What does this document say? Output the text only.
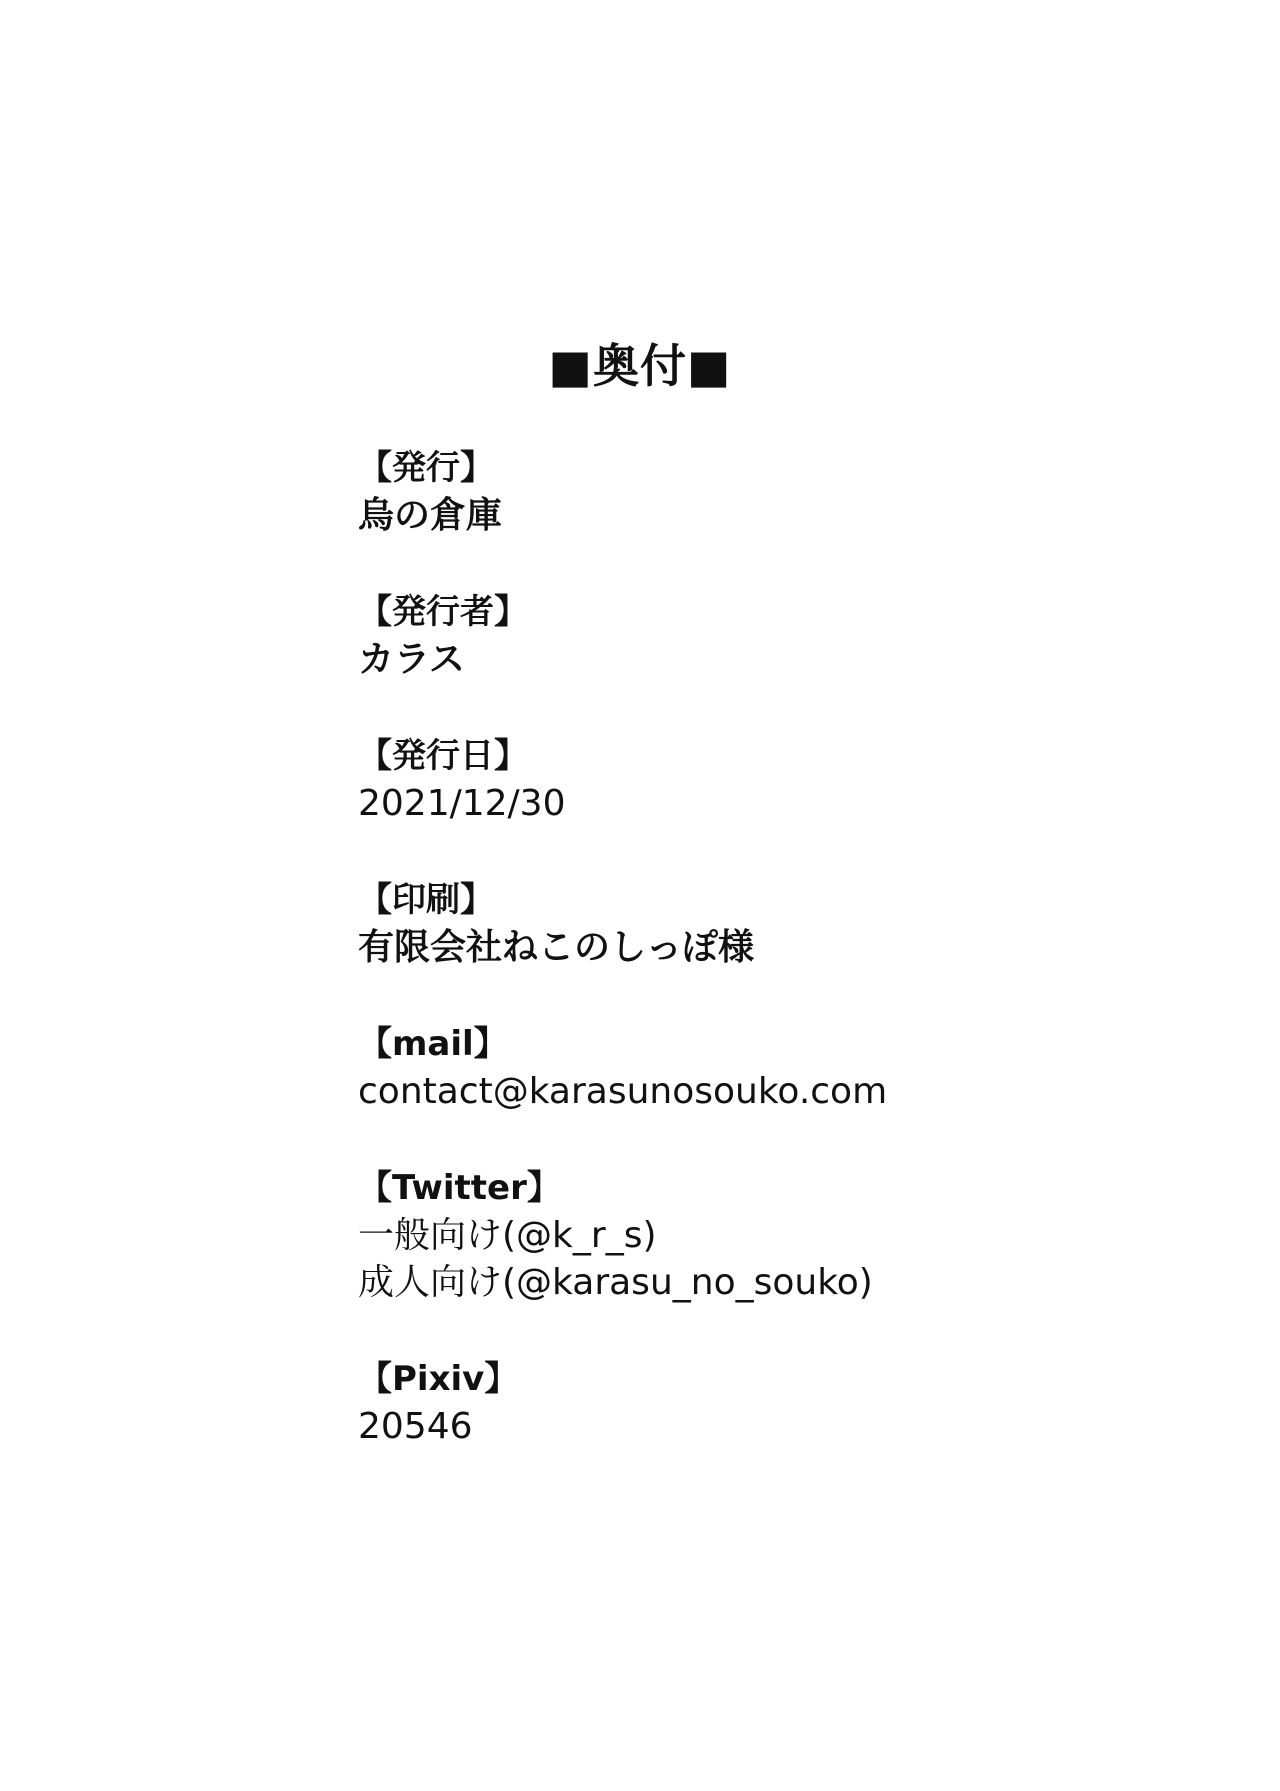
■奥付■
【発行】
烏の倉庫
【発行者】
カラス
【発行日】
2021/12/30
【印刷】
有限会社ねこのしっぽ様
【mail】
contact@karasunosouko.com
【Twitter】
一般向け(@k_r_s)
成人向け(@karasu_no_souko)
【Pixiv】
20546
